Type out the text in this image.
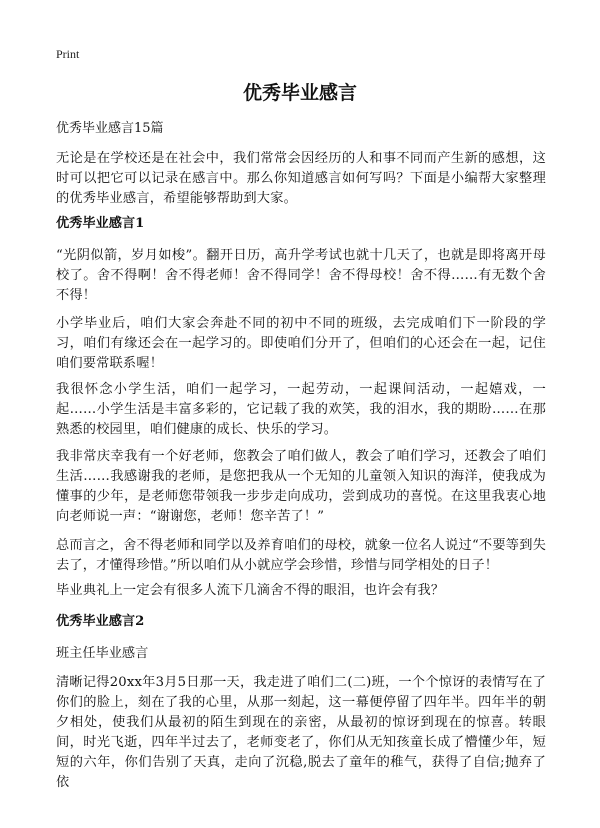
Print
优秀毕业感言
优秀毕业感言15篇
无论是在学校还是在社会中，我们常常会因经历的人和事不同而产生新的感想，这时可以把它可以记录在感言中。那么你知道感言如何写吗？下面是小编帮大家整理的优秀毕业感言，希望能够帮助到大家。
优秀毕业感言1
“光阴似箭，岁月如梭”。翻开日历，高升学考试也就十几天了，也就是即将离开母校了。舍不得啊！舍不得老师！舍不得同学！舍不得母校！舍不得……有无数个舍不得！
小学毕业后，咱们大家会奔赴不同的初中不同的班级，去完成咱们下一阶段的学习，咱们有缘还会在一起学习的。即使咱们分开了，但咱们的心还会在一起，记住咱们要常联系喔！
我很怀念小学生活，咱们一起学习，一起劳动，一起课间活动，一起嬉戏，一起……小学生活是丰富多彩的，它记载了我的欢笑，我的泪水，我的期盼……在那熟悉的校园里，咱们健康的成长、快乐的学习。
我非常庆幸我有一个好老师，您教会了咱们做人，教会了咱们学习，还教会了咱们生活……我感谢我的老师，是您把我从一个无知的儿童领入知识的海洋，使我成为懂事的少年，是老师您带领我一步步走向成功，尝到成功的喜悦。在这里我衷心地向老师说一声：“谢谢您，老师！您辛苦了！”
总而言之，舍不得老师和同学以及养育咱们的母校，就象一位名人说过“不要等到失去了，才懂得珍惜。”所以咱们从小就应学会珍惜，珍惜与同学相处的日子！
毕业典礼上一定会有很多人流下几滴舍不得的眼泪，也许会有我？
优秀毕业感言2
班主任毕业感言
清晰记得20xx年3月5日那一天，我走进了咱们二(二)班，一个个惊讶的表情写在了你们的脸上，刻在了我的心里，从那一刻起，这一幕便停留了四年半。四年半的朝夕相处，使我们从最初的陌生到现在的亲密，从最初的惊讶到现在的惊喜。转眼间，时光飞逝，四年半过去了，老师变老了，你们从无知孩童长成了懵懂少年，短短的六年，你们告别了天真，走向了沉稳,脱去了童年的稚气，获得了自信;抛弃了依
